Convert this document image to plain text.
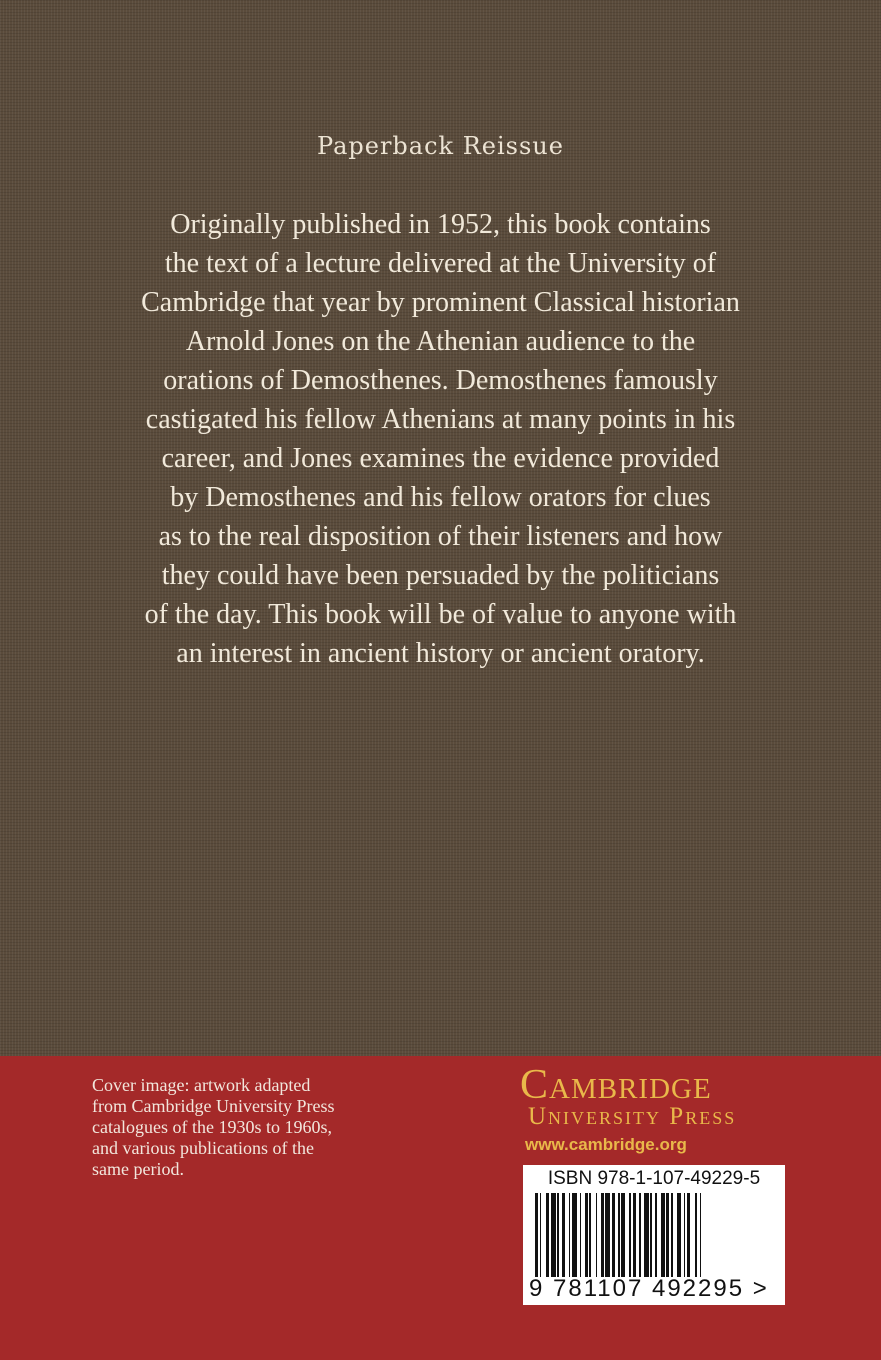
Paperback Reissue

Originally published in 1952, this book contains
the text of a lecture delivered at the University of
Cambridge that year by prominent Classical historian
Arnold Jones on the Athenian audience to the
orations of Demosthenes. Demosthenes famously
castigated his fellow Athenians at many points in his
career, and Jones examines the evidence provided
by Demosthenes and his fellow orators for clues
as to the real disposition of their listeners and how
they could have been persuaded by the politicians
of the day. This book will be of value to anyone with
an interest in ancient history or ancient oratory.

Cover image: artwork adapted
from Cambridge University Press
catalogues of the 1930s to 1960s,
and various publications of the
same period.
Cambridge
University Press
www.cambridge.org
ISBN 978-1-107-49229-5
9 781107 492295 >
